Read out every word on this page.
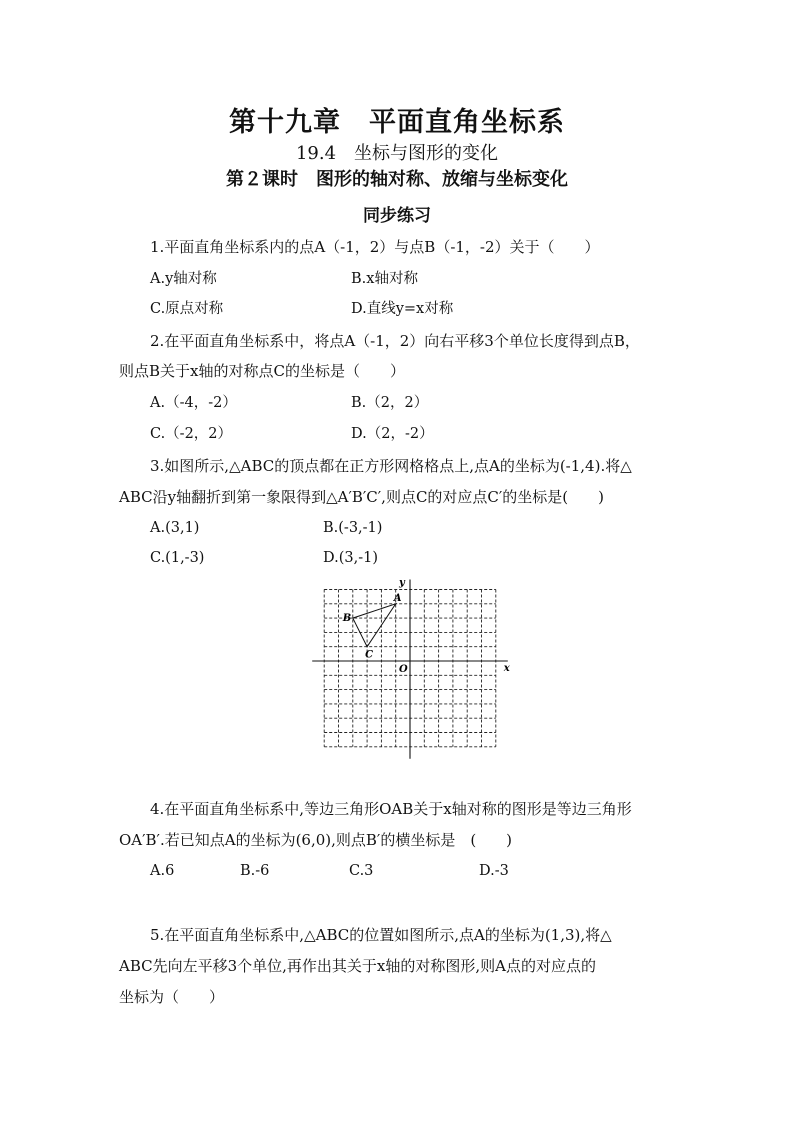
第十九章　平面直角坐标系
19.4　坐标与图形的变化
第２课时　图形的轴对称、放缩与坐标变化
同步练习
1.平面直角坐标系内的点A（-1，2）与点B（-1，-2）关于（　　）
A.y轴对称	B.x轴对称
C.原点对称	D.直线y=x对称
2.在平面直角坐标系中，将点A（-1，2）向右平移3个单位长度得到点B，
则点B关于x轴的对称点C的坐标是（　　）
A.（-4，-2）	B.（2，2）
C.（-2，2）	D.（2，-2）
3.如图所示,△ABC的顶点都在正方形网格格点上,点A的坐标为(-1,4).将△
ABC沿y轴翻折到第一象限得到△A′B′C′,则点C的对应点C′的坐标是(　　)
A.(3,1)	B.(-3,-1)
C.(1,-3)	D.(3,-1)
A
B
C
O	x
y
4.在平面直角坐标系中,等边三角形OAB关于x轴对称的图形是等边三角形
OA′B′.若已知点A的坐标为(6,0),则点B′的横坐标是　(　　)
A.6	B.-6	C.3	D.-3
5.在平面直角坐标系中,△ABC的位置如图所示,点A的坐标为(1,3),将△
ABC先向左平移3个单位,再作出其关于x轴的对称图形,则A点的对应点的
坐标为（　　）
